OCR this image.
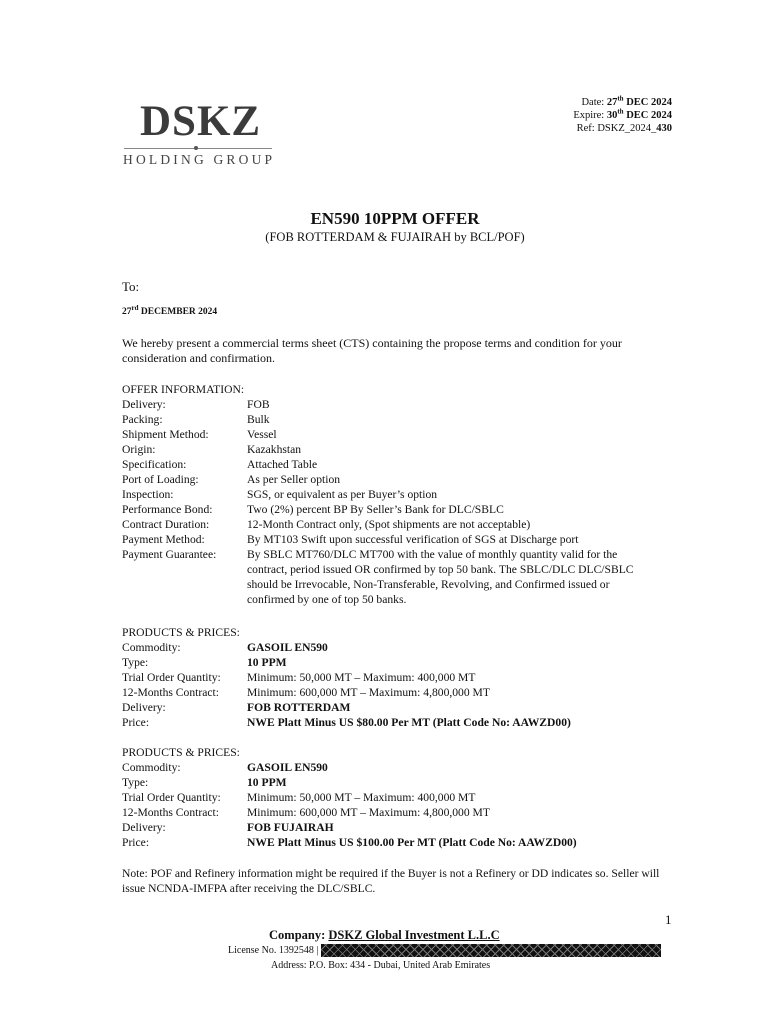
DSKZ
HOLDING GROUP
Date: 27th DEC 2024
Expire: 30th DEC 2024
Ref: DSKZ_2024_430
EN590 10PPM OFFER
(FOB ROTTERDAM & FUJAIRAH by BCL/POF)
To:
27rd DECEMBER 2024
We hereby present a commercial terms sheet (CTS) containing the propose terms and condition for your consideration and confirmation.
OFFER INFORMATION:
Delivery:	FOB
Packing:	Bulk
Shipment Method:	Vessel
Origin:	Kazakhstan
Specification:	Attached Table
Port of Loading:	As per Seller option
Inspection:	SGS, or equivalent as per Buyer’s option
Performance Bond:	Two (2%) percent BP By Seller’s Bank for DLC/SBLC
Contract Duration:	12-Month Contract only, (Spot shipments are not acceptable)
Payment Method:	By MT103 Swift upon successful verification of SGS at Discharge port
Payment Guarantee:	By SBLC MT760/DLC MT700 with the value of monthly quantity valid for the contract, period issued OR confirmed by top 50 bank. The SBLC/DLC DLC/SBLC should be Irrevocable, Non-Transferable, Revolving, and Confirmed issued or confirmed by one of top 50 banks.
PRODUCTS & PRICES:
Commodity:	GASOIL EN590
Type:	10 PPM
Trial Order Quantity:	Minimum: 50,000 MT – Maximum: 400,000 MT
12-Months Contract:	Minimum: 600,000 MT – Maximum: 4,800,000 MT
Delivery:	FOB ROTTERDAM
Price:	NWE Platt Minus US $80.00 Per MT (Platt Code No: AAWZD00)
PRODUCTS & PRICES:
Commodity:	GASOIL EN590
Type:	10 PPM
Trial Order Quantity:	Minimum: 50,000 MT – Maximum: 400,000 MT
12-Months Contract:	Minimum: 600,000 MT – Maximum: 4,800,000 MT
Delivery:	FOB FUJAIRAH
Price:	NWE Platt Minus US $100.00 Per MT (Platt Code No: AAWZD00)
Note: POF and Refinery information might be required if the Buyer is not a Refinery or DD indicates so. Seller will issue NCNDA-IMFPA after receiving the DLC/SBLC.
1
Company: DSKZ Global Investment L.L.C
License No. 1392548 |
Address: P.O. Box: 434 - Dubai, United Arab Emirates
